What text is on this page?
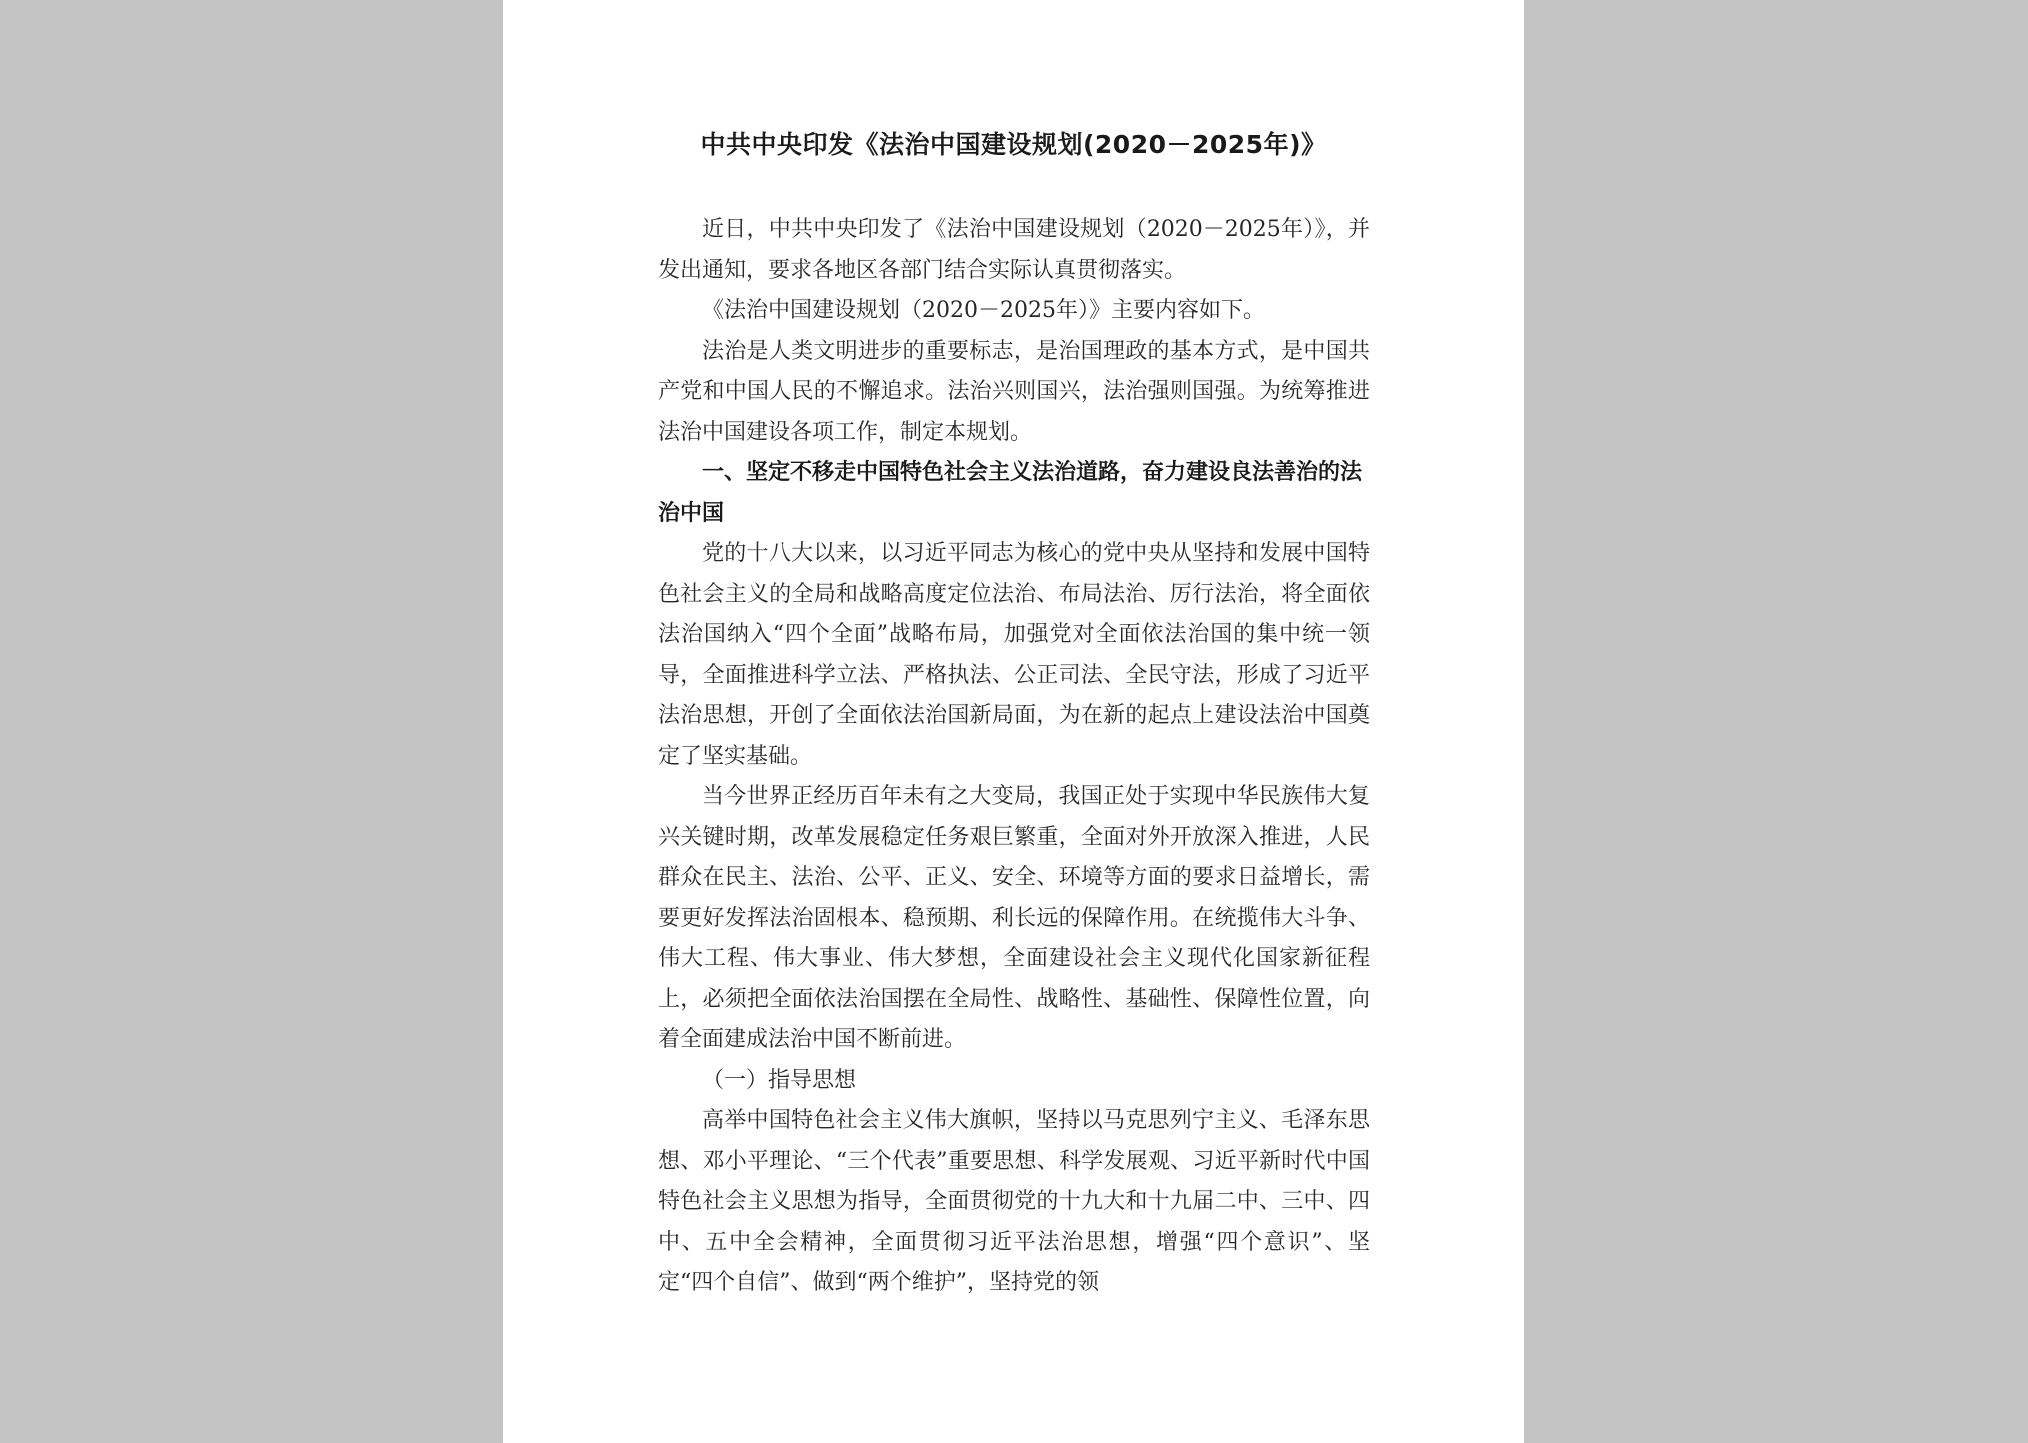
中共中央印发《法治中国建设规划(2020－2025年)》

近日，中共中央印发了《法治中国建设规划（2020－2025年）》，并发出通知，要求各地区各部门结合实际认真贯彻落实。

《法治中国建设规划（2020－2025年）》主要内容如下。

法治是人类文明进步的重要标志，是治国理政的基本方式，是中国共产党和中国人民的不懈追求。法治兴则国兴，法治强则国强。为统筹推进法治中国建设各项工作，制定本规划。

一、坚定不移走中国特色社会主义法治道路，奋力建设良法善治的法治中国

党的十八大以来，以习近平同志为核心的党中央从坚持和发展中国特色社会主义的全局和战略高度定位法治、布局法治、厉行法治，将全面依法治国纳入“四个全面”战略布局，加强党对全面依法治国的集中统一领导，全面推进科学立法、严格执法、公正司法、全民守法，形成了习近平法治思想，开创了全面依法治国新局面，为在新的起点上建设法治中国奠定了坚实基础。

当今世界正经历百年未有之大变局，我国正处于实现中华民族伟大复兴关键时期，改革发展稳定任务艰巨繁重，全面对外开放深入推进，人民群众在民主、法治、公平、正义、安全、环境等方面的要求日益增长，需要更好发挥法治固根本、稳预期、利长远的保障作用。在统揽伟大斗争、伟大工程、伟大事业、伟大梦想，全面建设社会主义现代化国家新征程上，必须把全面依法治国摆在全局性、战略性、基础性、保障性位置，向着全面建成法治中国不断前进。

（一）指导思想

高举中国特色社会主义伟大旗帜，坚持以马克思列宁主义、毛泽东思想、邓小平理论、“三个代表”重要思想、科学发展观、习近平新时代中国特色社会主义思想为指导，全面贯彻党的十九大和十九届二中、三中、四中、五中全会精神，全面贯彻习近平法治思想，增强“四个意识”、坚定“四个自信”、做到“两个维护”，坚持党的领
